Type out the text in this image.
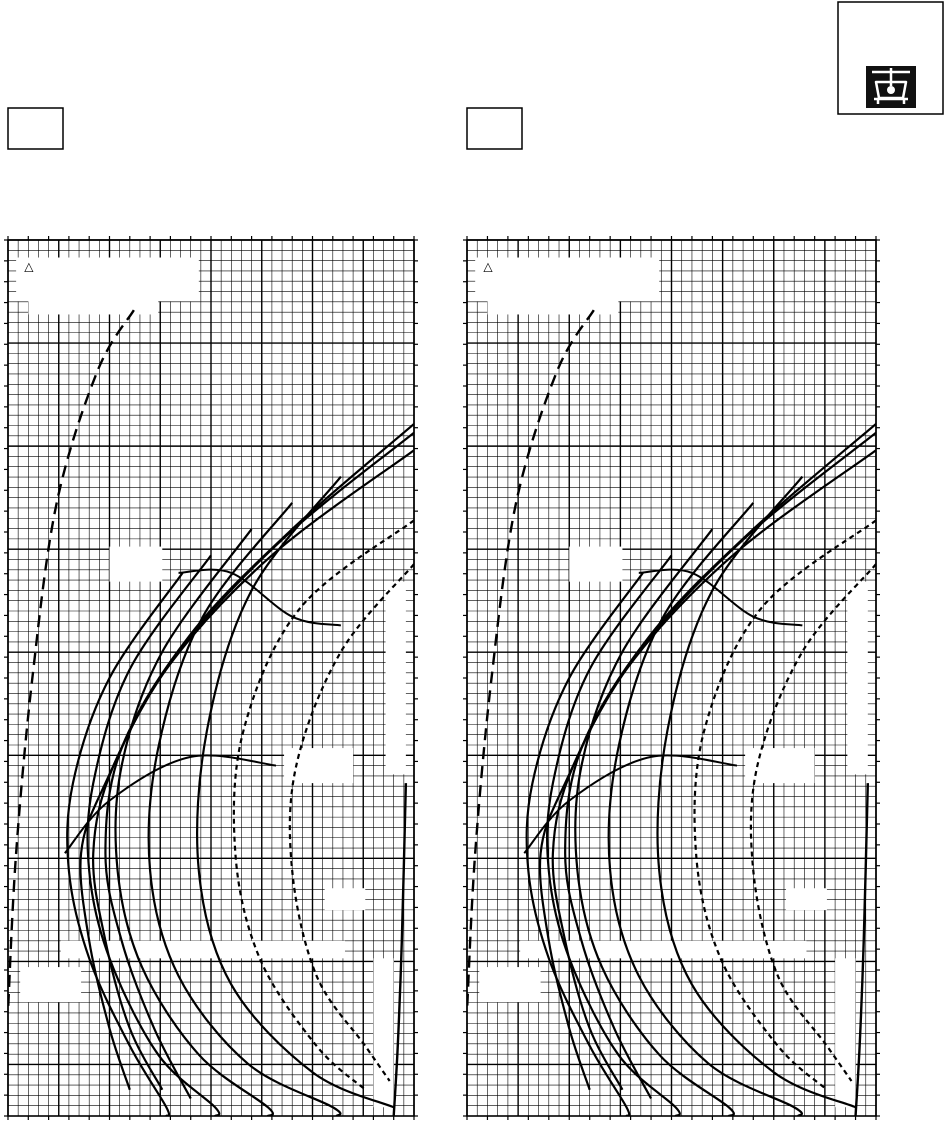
△	△
